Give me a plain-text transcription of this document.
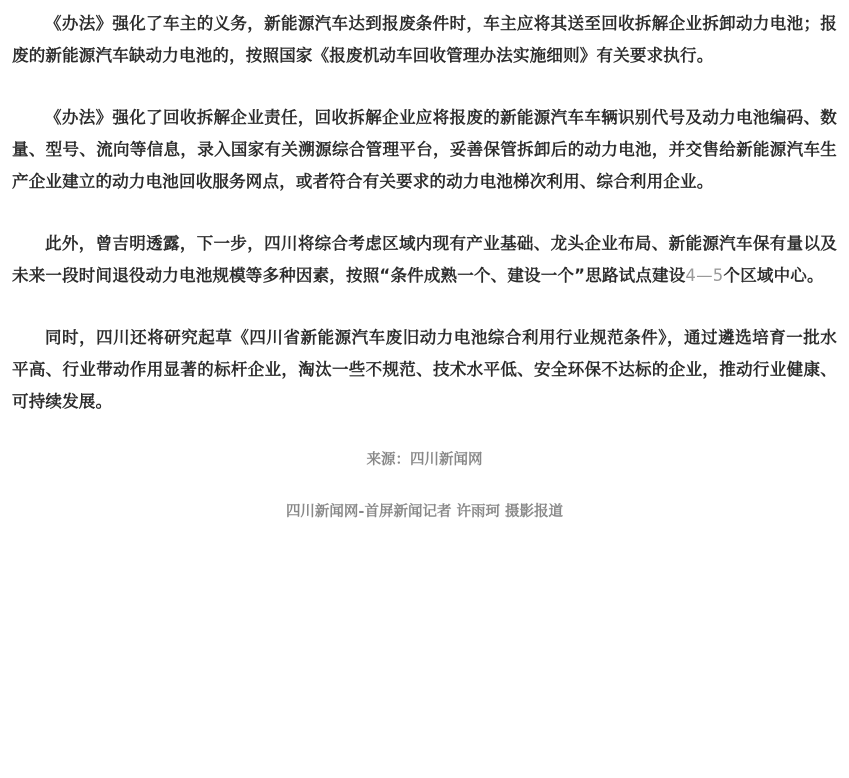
《办法》强化了车主的义务，新能源汽车达到报废条件时，车主应将其送至回收拆解企业拆卸动力电池；报废的新能源汽车缺动力电池的，按照国家《报废机动车回收管理办法实施细则》有关要求执行。

《办法》强化了回收拆解企业责任，回收拆解企业应将报废的新能源汽车车辆识别代号及动力电池编码、数量、型号、流向等信息，录入国家有关溯源综合管理平台，妥善保管拆卸后的动力电池，并交售给新能源汽车生产企业建立的动力电池回收服务网点，或者符合有关要求的动力电池梯次利用、综合利用企业。

此外，曾吉明透露，下一步，四川将综合考虑区域内现有产业基础、龙头企业布局、新能源汽车保有量以及未来一段时间退役动力电池规模等多种因素，按照“条件成熟一个、建设一个”思路试点建设4—5个区域中心。

同时，四川还将研究起草《四川省新能源汽车废旧动力电池综合利用行业规范条件》，通过遴选培育一批水平高、行业带动作用显著的标杆企业，淘汰一些不规范、技术水平低、安全环保不达标的企业，推动行业健康、可持续发展。

来源：四川新闻网
四川新闻网-首屏新闻记者 许雨珂 摄影报道
